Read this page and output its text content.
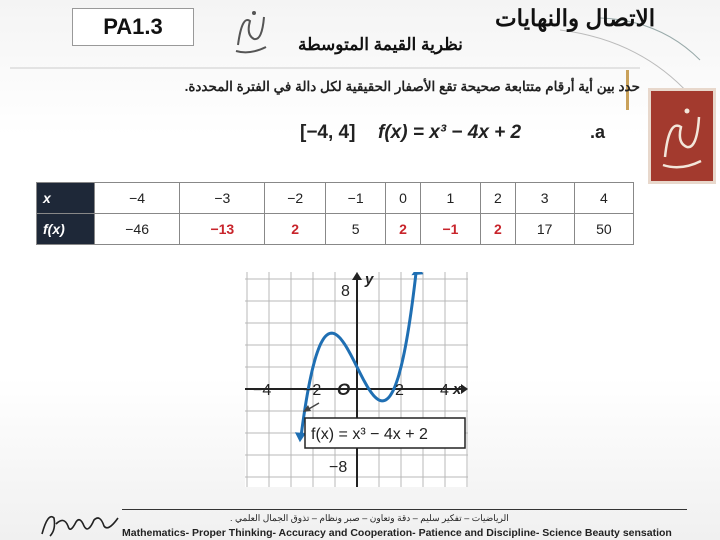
PA1.3	الاتصال والنهايات
نظرية القيمة المتوسطة
حدد بين أية أرقام متتابعة صحيحة تقع الأصفار الحقيقية لكل دالة في الفترة المحددة.
[−4, 4] f(x) = x³ − 4x + 2	.a
x	−4	−3	−2	−1	0	1	2	3	4
f(x)	−46	−13	2	5	2	−1	2	17	50
y
x
O
−4 −2	2 4
8
−8
f(x) = x³ − 4x + 2
الرياضيات – تفكير سليم – دقة وتعاون – صبر ونظام – تذوق الجمال العلمي .
Mathematics- Proper Thinking- Accuracy and Cooperation- Patience and Discipline- Science Beauty sensation
